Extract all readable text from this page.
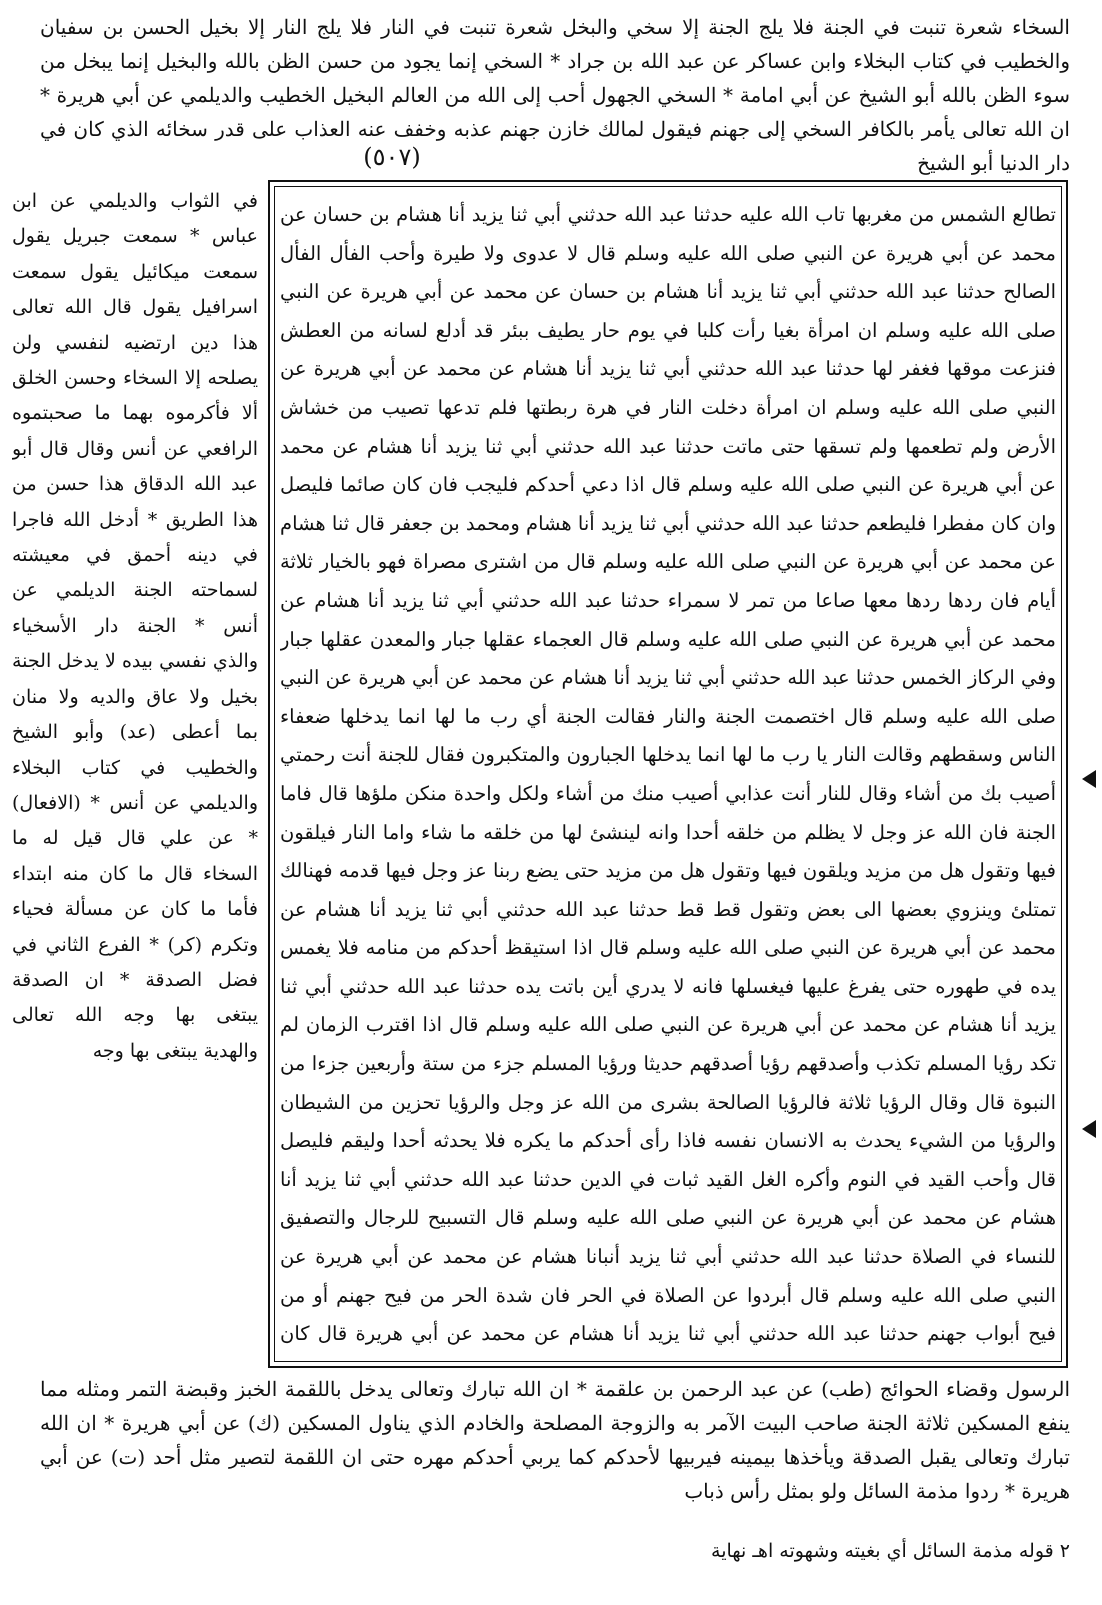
السخاء شعرة تنبت في الجنة فلا يلج الجنة إلا سخي والبخل شعرة تنبت في النار فلا يلج النار إلا بخيل الحسن بن سفيان والخطيب في كتاب البخلاء وابن عساكر عن عبد الله بن جراد * السخي إنما يجود من حسن الظن بالله والبخيل إنما يبخل من سوء الظن بالله أبو الشيخ عن أبي امامة * السخي الجهول أحب إلى الله من العالم البخيل الخطيب والديلمي عن أبي هريرة * ان الله تعالى يأمر بالكافر السخي إلى جهنم فيقول لمالك خازن جهنم عذبه وخفف عنه العذاب على قدر سخائه الذي كان في دار الدنيا أبو الشيخ
(٥٠٧)
تطالع الشمس من مغربها تاب الله عليه حدثنا عبد الله حدثني أبي ثنا يزيد أنا هشام بن حسان عن محمد عن أبي هريرة عن النبي صلى الله عليه وسلم قال لا عدوى ولا طيرة وأحب الفأل الفأل الصالح حدثنا عبد الله حدثني أبي ثنا يزيد أنا هشام بن حسان عن محمد عن أبي هريرة عن النبي صلى الله عليه وسلم ان امرأة بغيا رأت كلبا في يوم حار يطيف ببئر قد أدلع لسانه من العطش فنزعت موقها فغفر لها حدثنا عبد الله حدثني أبي ثنا يزيد أنا هشام عن محمد عن أبي هريرة عن النبي صلى الله عليه وسلم ان امرأة دخلت النار في هرة ربطتها فلم تدعها تصيب من خشاش الأرض ولم تطعمها ولم تسقها حتى ماتت حدثنا عبد الله حدثني أبي ثنا يزيد أنا هشام عن محمد عن أبي هريرة عن النبي صلى الله عليه وسلم قال اذا دعي أحدكم فليجب فان كان صائما فليصل وان كان مفطرا فليطعم حدثنا عبد الله حدثني أبي ثنا يزيد أنا هشام ومحمد بن جعفر قال ثنا هشام عن محمد عن أبي هريرة عن النبي صلى الله عليه وسلم قال من اشترى مصراة فهو بالخيار ثلاثة أيام فان ردها ردها معها صاعا من تمر لا سمراء حدثنا عبد الله حدثني أبي ثنا يزيد أنا هشام عن محمد عن أبي هريرة عن النبي صلى الله عليه وسلم قال العجماء عقلها جبار والمعدن عقلها جبار وفي الركاز الخمس حدثنا عبد الله حدثني أبي ثنا يزيد أنا هشام عن محمد عن أبي هريرة عن النبي صلى الله عليه وسلم قال اختصمت الجنة والنار فقالت الجنة أي رب ما لها انما يدخلها ضعفاء الناس وسقطهم وقالت النار يا رب ما لها انما يدخلها الجبارون والمتكبرون فقال للجنة أنت رحمتي أصيب بك من أشاء وقال للنار أنت عذابي أصيب منك من أشاء ولكل واحدة منكن ملؤها قال فاما الجنة فان الله عز وجل لا يظلم من خلقه أحدا وانه لينشئ لها من خلقه ما شاء واما النار فيلقون فيها وتقول هل من مزيد ويلقون فيها وتقول هل من مزيد حتى يضع ربنا عز وجل فيها قدمه فهنالك تمتلئ وينزوي بعضها الى بعض وتقول قط قط حدثنا عبد الله حدثني أبي ثنا يزيد أنا هشام عن محمد عن أبي هريرة عن النبي صلى الله عليه وسلم قال اذا استيقظ أحدكم من منامه فلا يغمس يده في طهوره حتى يفرغ عليها فيغسلها فانه لا يدري أين باتت يده حدثنا عبد الله حدثني أبي ثنا يزيد أنا هشام عن محمد عن أبي هريرة عن النبي صلى الله عليه وسلم قال اذا اقترب الزمان لم تكد رؤيا المسلم تكذب وأصدقهم رؤيا أصدقهم حديثا ورؤيا المسلم جزء من ستة وأربعين جزءا من النبوة قال وقال الرؤيا ثلاثة فالرؤيا الصالحة بشرى من الله عز وجل والرؤيا تحزين من الشيطان والرؤيا من الشيء يحدث به الانسان نفسه فاذا رأى أحدكم ما يكره فلا يحدثه أحدا وليقم فليصل قال وأحب القيد في النوم وأكره الغل القيد ثبات في الدين حدثنا عبد الله حدثني أبي ثنا يزيد أنا هشام عن محمد عن أبي هريرة عن النبي صلى الله عليه وسلم قال التسبيح للرجال والتصفيق للنساء في الصلاة حدثنا عبد الله حدثني أبي ثنا يزيد أنبانا هشام عن محمد عن أبي هريرة عن النبي صلى الله عليه وسلم قال أبردوا عن الصلاة في الحر فان شدة الحر من فيح جهنم أو من فيح أبواب جهنم حدثنا عبد الله حدثني أبي ثنا يزيد أنا هشام عن محمد عن أبي هريرة قال كان
في الثواب والديلمي عن ابن عباس * سمعت جبريل يقول سمعت ميكائيل يقول سمعت اسرافيل يقول قال الله تعالى هذا دين ارتضيه لنفسي ولن يصلحه إلا السخاء وحسن الخلق ألا فأكرموه بهما ما صحبتموه الرافعي عن أنس وقال قال أبو عبد الله الدقاق هذا حسن من هذا الطريق * أدخل الله فاجرا في دينه أحمق في معيشته لسماحته الجنة الديلمي عن أنس * الجنة دار الأسخياء والذي نفسي بيده لا يدخل الجنة بخيل ولا عاق والديه ولا منان بما أعطى (عد) وأبو الشيخ والخطيب في كتاب البخلاء والديلمي عن أنس * (الافعال) * عن علي قال قيل له ما السخاء قال ما كان منه ابتداء فأما ما كان عن مسألة فحياء وتكرم (كر) * الفرع الثاني في فضل الصدقة * ان الصدقة يبتغى بها وجه الله تعالى والهدية يبتغى بها وجه
الرسول وقضاء الحوائج (طب) عن عبد الرحمن بن علقمة * ان الله تبارك وتعالى يدخل باللقمة الخبز وقبضة التمر ومثله مما ينفع المسكين ثلاثة الجنة صاحب البيت الآمر به والزوجة المصلحة والخادم الذي يناول المسكين (ك) عن أبي هريرة * ان الله تبارك وتعالى يقبل الصدقة ويأخذها بيمينه فيربيها لأحدكم كما يربي أحدكم مهره حتى ان اللقمة لتصير مثل أحد (ت) عن أبي هريرة * ردوا مذمة السائل ولو بمثل رأس ذباب
٢ قوله مذمة السائل أي بغيته وشهوته اهـ نهاية
